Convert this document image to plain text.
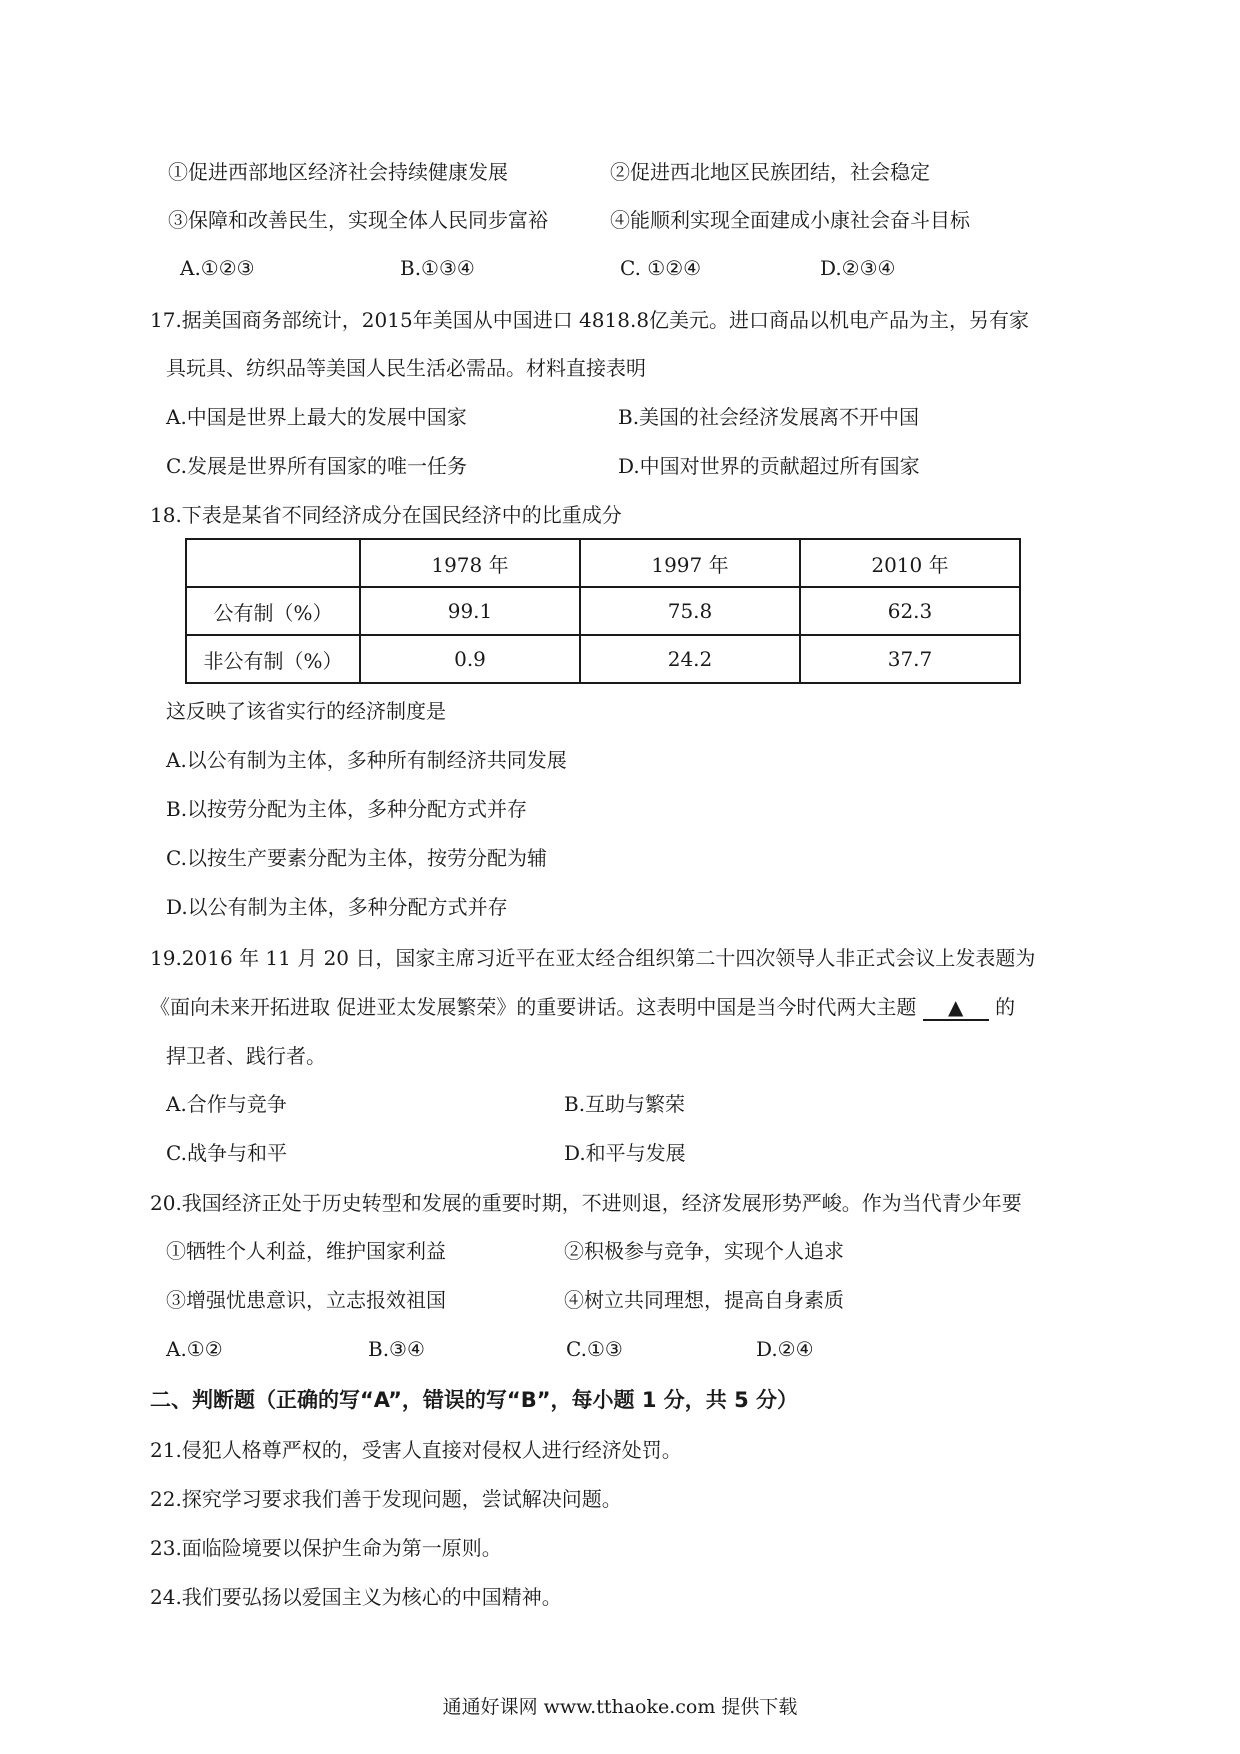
①促进西部地区经济社会持续健康发展	②促进西北地区民族团结，社会稳定
③保障和改善民生，实现全体人民同步富裕	④能顺利实现全面建成小康社会奋斗目标
A.①②③	B.①③④	C. ①②④	D.②③④
17.据美国商务部统计，2015年美国从中国进口 4818.8亿美元。进口商品以机电产品为主，另有家
具玩具、纺织品等美国人民生活必需品。材料直接表明
A.中国是世界上最大的发展中国家	B.美国的社会经济发展离不开中国
C.发展是世界所有国家的唯一任务	D.中国对世界的贡献超过所有国家
18.下表是某省不同经济成分在国民经济中的比重成分
	1978 年	1997 年	2010 年
公有制（%）	99.1	75.8	62.3
非公有制（%）	0.9	24.2	37.7
这反映了该省实行的经济制度是
A.以公有制为主体，多种所有制经济共同发展
B.以按劳分配为主体，多种分配方式并存
C.以按生产要素分配为主体，按劳分配为辅
D.以公有制为主体，多种分配方式并存
19.2016 年 11 月 20 日，国家主席习近平在亚太经合组织第二十四次领导人非正式会议上发表题为
《面向未来开拓进取 促进亚太发展繁荣》的重要讲话。这表明中国是当今时代两大主题 ▲ 的
捍卫者、践行者。
A.合作与竞争	B.互助与繁荣
C.战争与和平	D.和平与发展
20.我国经济正处于历史转型和发展的重要时期，不进则退，经济发展形势严峻。作为当代青少年要
①牺牲个人利益，维护国家利益	②积极参与竞争，实现个人追求
③增强忧患意识，立志报效祖国	④树立共同理想，提高自身素质
A.①②	B.③④	C.①③	D.②④
二、判断题（正确的写“A”，错误的写“B”，每小题 1 分，共 5 分）
21.侵犯人格尊严权的，受害人直接对侵权人进行经济处罚。
22.探究学习要求我们善于发现问题，尝试解决问题。
23.面临险境要以保护生命为第一原则。
24.我们要弘扬以爱国主义为核心的中国精神。
通通好课网 www.tthaoke.com 提供下载
